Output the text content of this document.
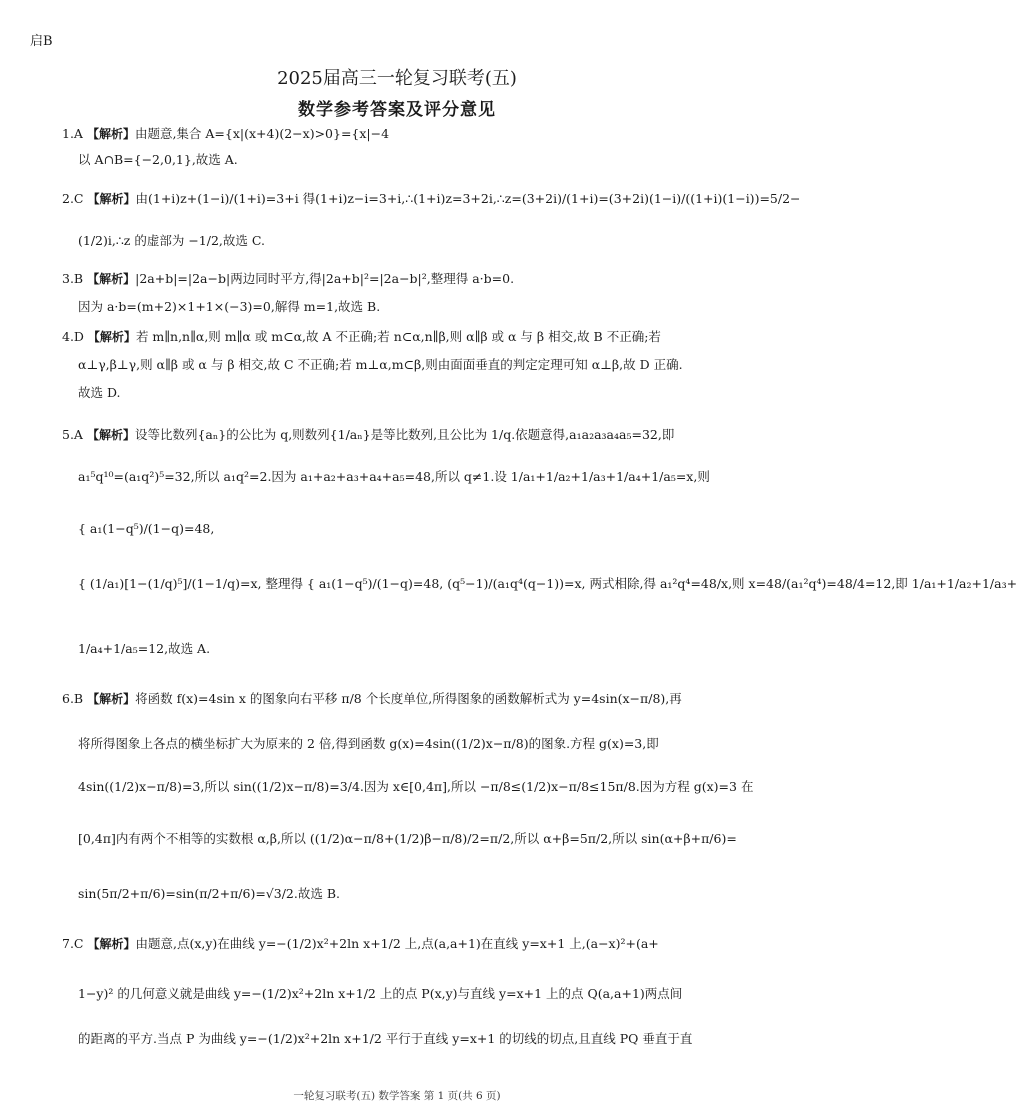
启B
2025届高三一轮复习联考(五)
数学参考答案及评分意见
1.A 【解析】由题意,集合 A={x|(x+4)(2−x)>0}={x|−4
以 A∩B={−2,0,1},故选 A.
2.C 【解析】由(1+i)z+(1−i)/(1+i)=3+i 得(1+i)z−i=3+i,∴(1+i)z=3+2i,∴z=(3+2i)/(1+i)=(3+2i)(1−i)/((1+i)(1−i))=5/2−
(1/2)i,∴z 的虚部为 −1/2,故选 C.
3.B 【解析】|2a+b|=|2a−b|两边同时平方,得|2a+b|²=|2a−b|²,整理得 a·b=0.
因为 a·b=(m+2)×1+1×(−3)=0,解得 m=1,故选 B.
4.D 【解析】若 m∥n,n∥α,则 m∥α 或 m⊂α,故 A 不正确;若 n⊂α,n∥β,则 α∥β 或 α 与 β 相交,故 B 不正确;若
α⊥γ,β⊥γ,则 α∥β 或 α 与 β 相交,故 C 不正确;若 m⊥α,m⊂β,则由面面垂直的判定定理可知 α⊥β,故 D 正确.
故选 D.
5.A 【解析】设等比数列{aₙ}的公比为 q,则数列{1/aₙ}是等比数列,且公比为 1/q.依题意得,a₁a₂a₃a₄a₅=32,即
a₁⁵q¹⁰=(a₁q²)⁵=32,所以 a₁q²=2.因为 a₁+a₂+a₃+a₄+a₅=48,所以 q≠1.设 1/a₁+1/a₂+1/a₃+1/a₄+1/a₅=x,则
{ a₁(1−q⁵)/(1−q)=48,
{ (1/a₁)[1−(1/q)⁵]/(1−1/q)=x, 整理得 { a₁(1−q⁵)/(1−q)=48, (q⁵−1)/(a₁q⁴(q−1))=x, 两式相除,得 a₁²q⁴=48/x,则 x=48/(a₁²q⁴)=48/4=12,即 1/a₁+1/a₂+1/a₃+
1/a₄+1/a₅=12,故选 A.
6.B 【解析】将函数 f(x)=4sin x 的图象向右平移 π/8 个长度单位,所得图象的函数解析式为 y=4sin(x−π/8),再
将所得图象上各点的横坐标扩大为原来的 2 倍,得到函数 g(x)=4sin((1/2)x−π/8)的图象.方程 g(x)=3,即
4sin((1/2)x−π/8)=3,所以 sin((1/2)x−π/8)=3/4.因为 x∈[0,4π],所以 −π/8≤(1/2)x−π/8≤15π/8.因为方程 g(x)=3 在
[0,4π]内有两个不相等的实数根 α,β,所以 ((1/2)α−π/8+(1/2)β−π/8)/2=π/2,所以 α+β=5π/2,所以 sin(α+β+π/6)=
sin(5π/2+π/6)=sin(π/2+π/6)=√3/2.故选 B.
7.C 【解析】由题意,点(x,y)在曲线 y=−(1/2)x²+2ln x+1/2 上,点(a,a+1)在直线 y=x+1 上,(a−x)²+(a+
1−y)² 的几何意义就是曲线 y=−(1/2)x²+2ln x+1/2 上的点 P(x,y)与直线 y=x+1 上的点 Q(a,a+1)两点间
的距离的平方.当点 P 为曲线 y=−(1/2)x²+2ln x+1/2 平行于直线 y=x+1 的切线的切点,且直线 PQ 垂直于直
一轮复习联考(五) 数学答案 第 1 页(共 6 页)
